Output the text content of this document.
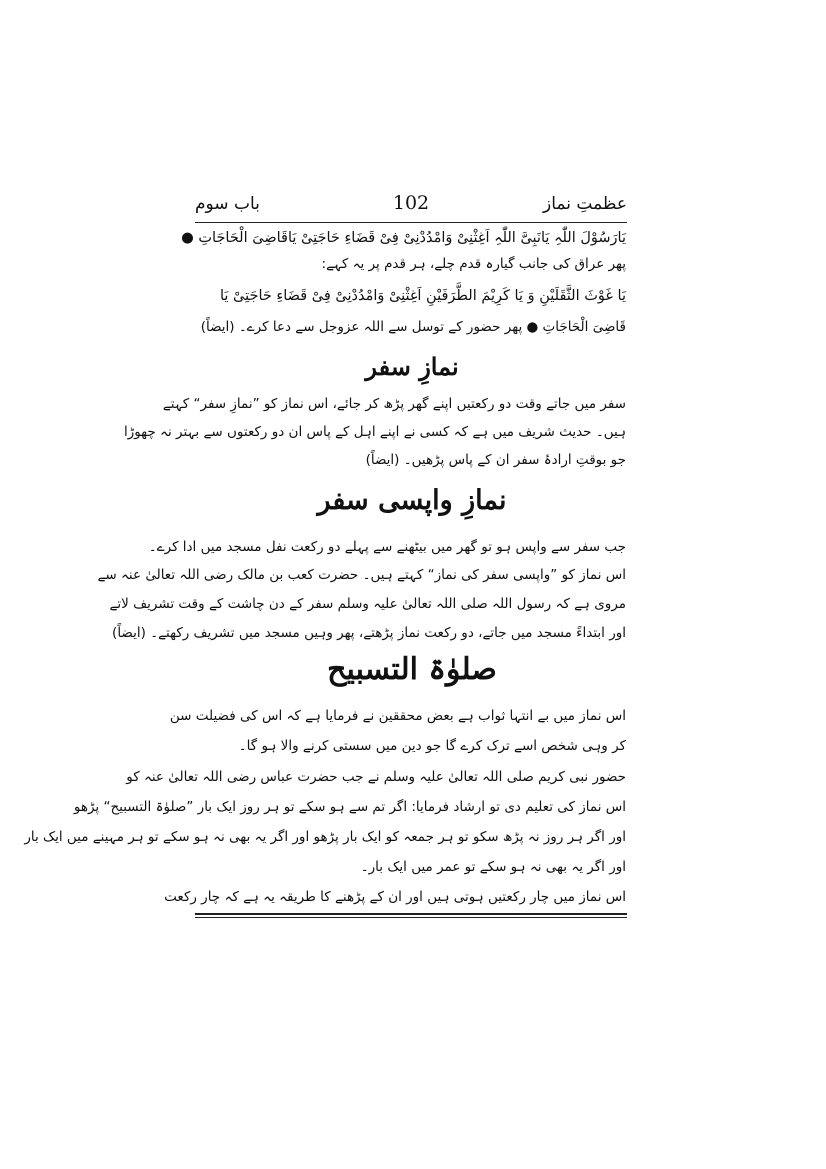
عظمتِ نماز
102
باب سوم
یَارَسُوْلَ اللّٰہِ یَانَبِیَّ اللّٰہِ اَغِثْنِیْ وَامْدُدْنِیْ فِیْ قَضَاءِ حَاجَتِیْ یَاقَاضِیَ الْحَاجَاتِ ●
پھر عراق کی جانب گیارہ قدم چلے، ہر قدم پر یہ کہے:
یَا غَوْثَ الثَّقَلَیْنِ وَ یَا کَرِیْمَ الطَّرَفَیْنِ اَغِثْنِیْ وَامْدُدْنِیْ فِیْ قَضَاءِ حَاجَتِیْ یَا
قَاضِیَ الْحَاجَاتِ ● پھر حضور کے توسل سے اللہ عزوجل سے دعا کرے۔ (ایضاً)
نمازِ سفر
سفر میں جاتے وقت دو رکعتیں اپنے گھر پڑھ کر جائے، اس نماز کو ”نمازِ سفر“ کہتے
ہیں۔ حدیث شریف میں ہے کہ کسی نے اپنے اہل کے پاس ان دو رکعتوں سے بہتر نہ چھوڑا
جو بوقتِ ارادۂ سفر ان کے پاس پڑھیں۔ (ایضاً)
نمازِ واپسی سفر
جب سفر سے واپس ہو تو گھر میں بیٹھنے سے پہلے دو رکعت نفل مسجد میں ادا کرے۔
اس نماز کو ”واپسی سفر کی نماز“ کہتے ہیں۔ حضرت کعب بن مالک رضی اللہ تعالیٰ عنہ سے
مروی ہے کہ رسول اللہ صلی اللہ تعالیٰ علیہ وسلم سفر کے دن چاشت کے وقت تشریف لاتے
اور ابتداءً مسجد میں جاتے، دو رکعت نماز پڑھتے، پھر وہیں مسجد میں تشریف رکھتے۔ (ایضاً)
صلوٰۃ التسبیح
اس نماز میں بے انتہا ثواب ہے بعض محققین نے فرمایا ہے کہ اس کی فضیلت سن
کر وہی شخص اسے ترک کرے گا جو دین میں سستی کرنے والا ہو گا۔
حضور نبی کریم صلی اللہ تعالیٰ علیہ وسلم نے جب حضرت عباس رضی اللہ تعالیٰ عنہ کو
اس نماز کی تعلیم دی تو ارشاد فرمایا: اگر تم سے ہو سکے تو ہر روز ایک بار ”صلوٰۃ التسبیح“ پڑھو
اور اگر ہر روز نہ پڑھ سکو تو ہر جمعہ کو ایک بار پڑھو اور اگر یہ بھی نہ ہو سکے تو ہر مہینے میں ایک بار
اور اگر یہ بھی نہ ہو سکے تو عمر میں ایک بار۔
اس نماز میں چار رکعتیں ہوتی ہیں اور ان کے پڑھنے کا طریقہ یہ ہے کہ چار رکعت
